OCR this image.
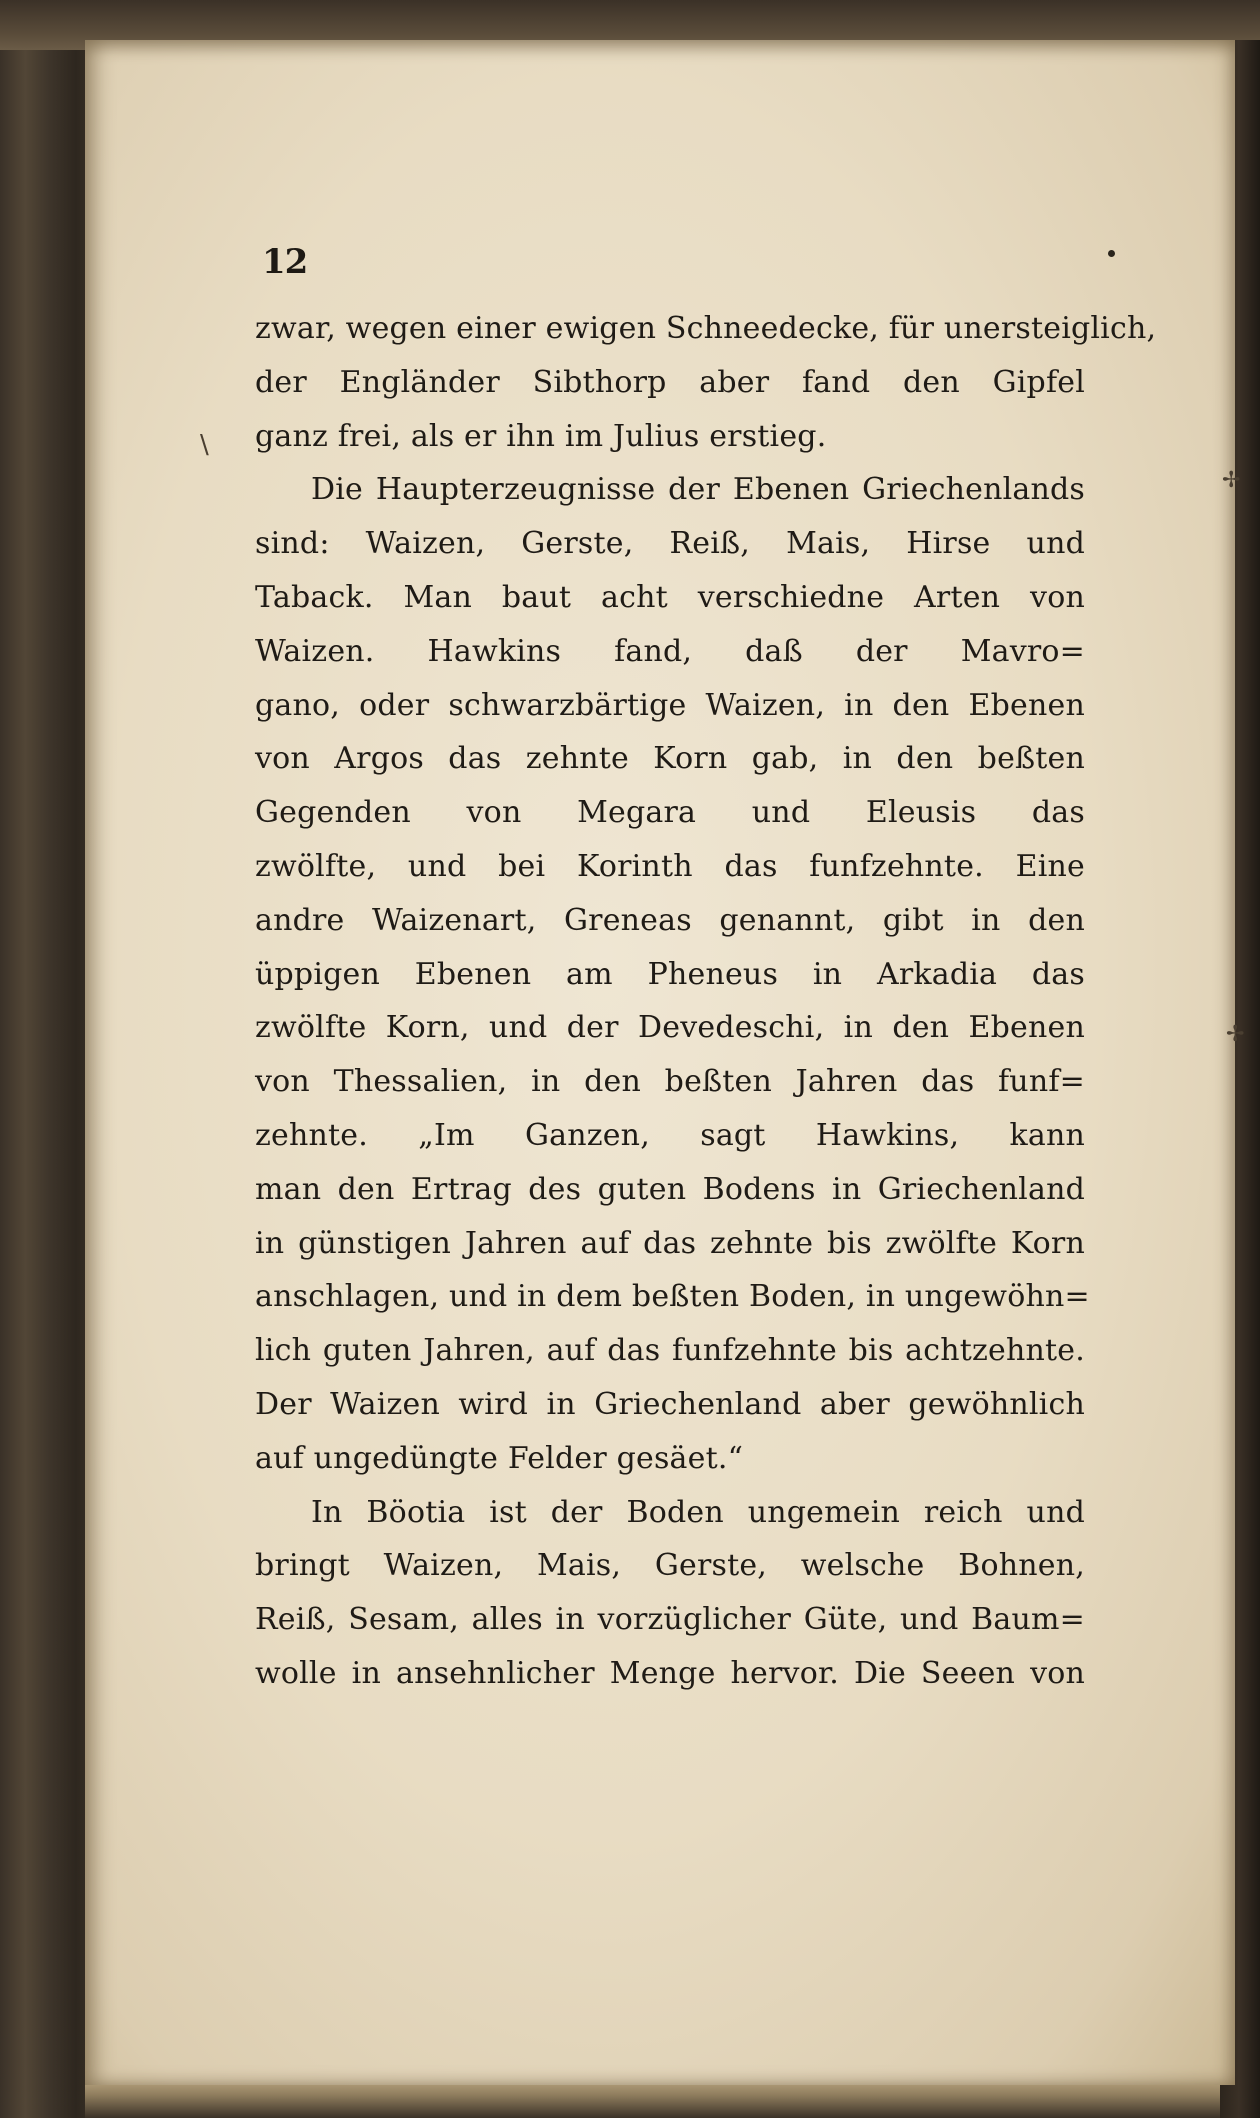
12
\
✢
✢
zwar, wegen einer ewigen Schneedecke, für unersteiglich,
der Engländer Sibthorp aber fand den Gipfel
ganz frei, als er ihn im Julius erstieg.
Die Haupterzeugnisse der Ebenen Griechenlands
sind: Waizen, Gerste, Reiß, Mais, Hirse und
Taback. Man baut acht verschiedne Arten von
Waizen. Hawkins fand, daß der Mavro=
gano, oder schwarzbärtige Waizen, in den Ebenen
von Argos das zehnte Korn gab, in den beßten
Gegenden von Megara und Eleusis das
zwölfte, und bei Korinth das funfzehnte. Eine
andre Waizenart, Greneas genannt, gibt in den
üppigen Ebenen am Pheneus in Arkadia das
zwölfte Korn, und der Devedeschi, in den Ebenen
von Thessalien, in den beßten Jahren das funf=
zehnte. „Im Ganzen, sagt Hawkins, kann
man den Ertrag des guten Bodens in Griechenland
in günstigen Jahren auf das zehnte bis zwölfte Korn
anschlagen, und in dem beßten Boden, in ungewöhn=
lich guten Jahren, auf das funfzehnte bis achtzehnte.
Der Waizen wird in Griechenland aber gewöhnlich
auf ungedüngte Felder gesäet.“
In Böotia ist der Boden ungemein reich und
bringt Waizen, Mais, Gerste, welsche Bohnen,
Reiß, Sesam, alles in vorzüglicher Güte, und Baum=
wolle in ansehnlicher Menge hervor. Die Seeen von
